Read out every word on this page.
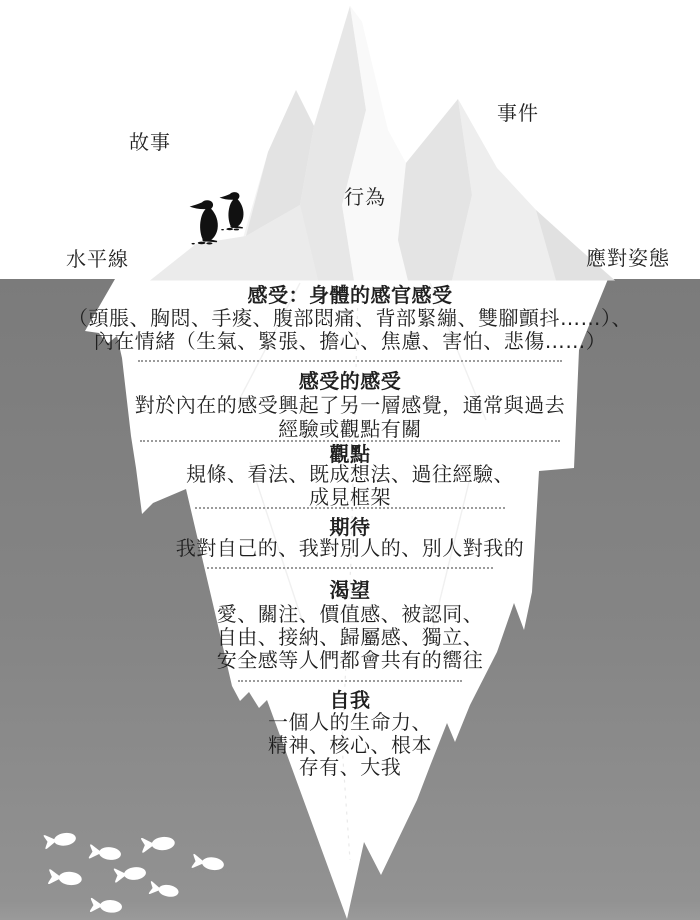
故事
事件
行為
水平線	應對姿態
感受：身體的感官感受
（頭脹、胸悶、手痠、腹部悶痛、背部緊繃、雙腳顫抖……）、
內在情緒（生氣、緊張、擔心、焦慮、害怕、悲傷……）
感受的感受
對於內在的感受興起了另一層感覺，通常與過去
經驗或觀點有關
觀點
規條、看法、既成想法、過往經驗、
成見框架
期待
我對自己的、我對別人的、別人對我的
渴望
愛、關注、價值感、被認同、
自由、接納、歸屬感、獨立、
安全感等人們都會共有的嚮往
自我
一個人的生命力、
精神、核心、根本
存有、大我
